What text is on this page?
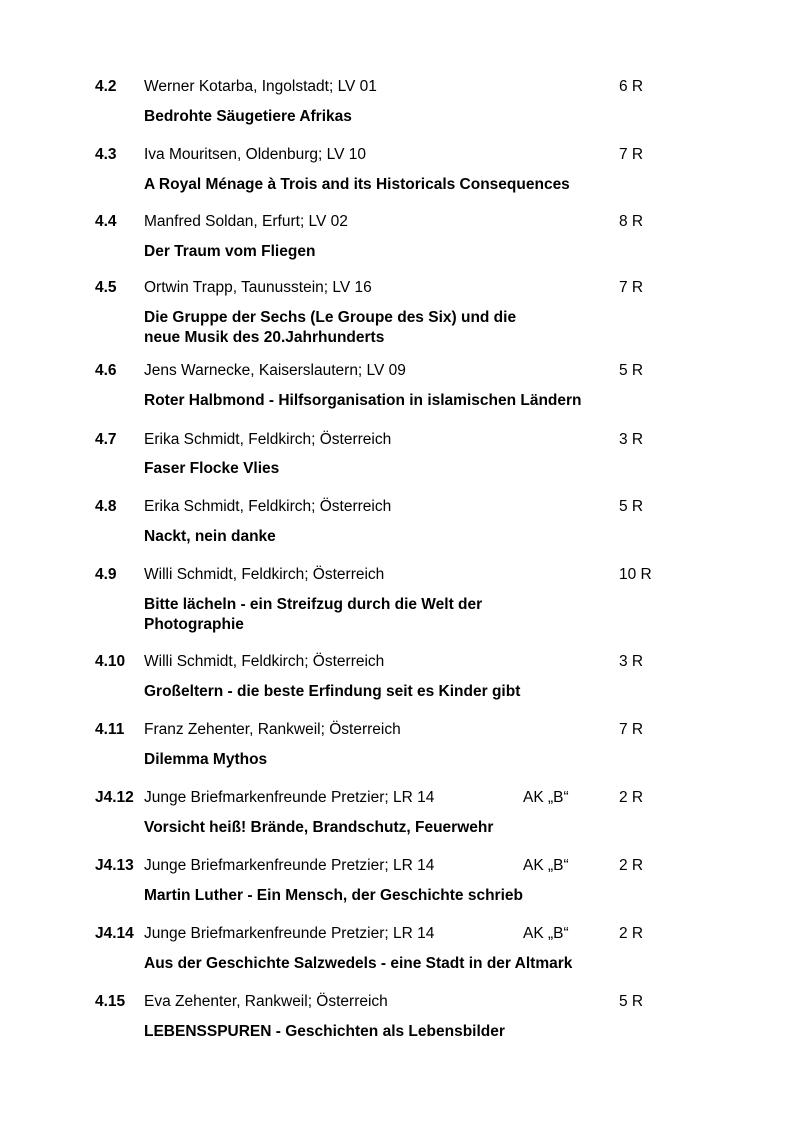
4.2 Werner Kotarba, Ingolstadt; LV 01	6 R
Bedrohte Säugetiere Afrikas
4.3 Iva Mouritsen, Oldenburg; LV 10	7 R
A Royal Ménage à Trois and its Historicals Consequences
4.4 Manfred Soldan, Erfurt; LV 02	8 R
Der Traum vom Fliegen
4.5 Ortwin Trapp, Taunusstein; LV 16	7 R
Die Gruppe der Sechs (Le Groupe des Six) und die neue Musik des 20.Jahrhunderts
4.6 Jens Warnecke, Kaiserslautern; LV 09	5 R
Roter Halbmond - Hilfsorganisation in islamischen Ländern
4.7 Erika Schmidt, Feldkirch; Österreich	3 R
Faser Flocke Vlies
4.8 Erika Schmidt, Feldkirch; Österreich	5 R
Nackt, nein danke
4.9 Willi Schmidt, Feldkirch; Österreich	10 R
Bitte lächeln - ein Streifzug durch die Welt der Photographie
4.10 Willi Schmidt, Feldkirch; Österreich	3 R
Großeltern - die beste Erfindung seit es Kinder gibt
4.11 Franz Zehenter, Rankweil; Österreich	7 R
Dilemma Mythos
J4.12 Junge Briefmarkenfreunde Pretzier; LR 14	AK „B“	2 R
Vorsicht heiß! Brände, Brandschutz, Feuerwehr
J4.13 Junge Briefmarkenfreunde Pretzier; LR 14	AK „B“	2 R
Martin Luther - Ein Mensch, der Geschichte schrieb
J4.14 Junge Briefmarkenfreunde Pretzier; LR 14	AK „B“	2 R
Aus der Geschichte Salzwedels - eine Stadt in der Altmark
4.15 Eva Zehenter, Rankweil; Österreich	5 R
LEBENSSPUREN - Geschichten als Lebensbilder
